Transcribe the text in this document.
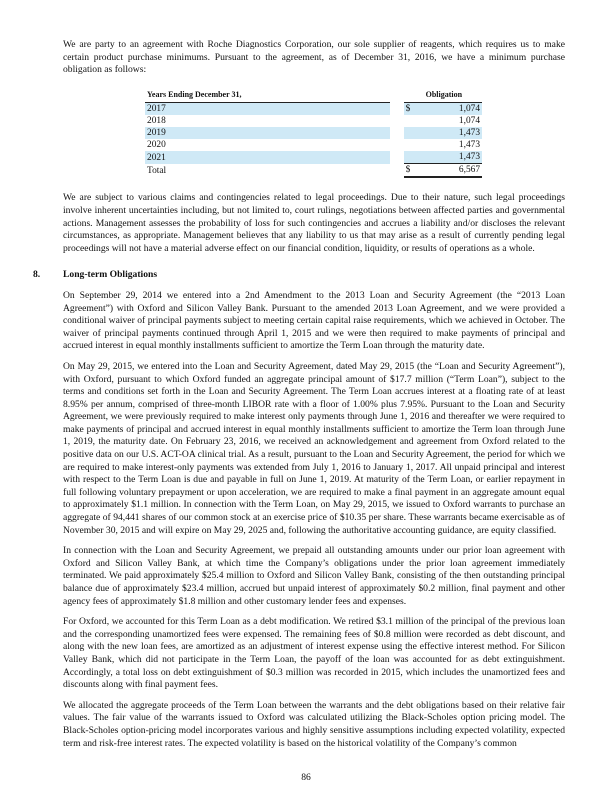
We are party to an agreement with Roche Diagnostics Corporation, our sole supplier of reagents, which requires us to make certain product purchase minimums. Pursuant to the agreement, as of December 31, 2016, we have a minimum purchase obligation as follows:

Years Ending December 31,		Obligation	
2017		$	1,074
2018			1,074
2019			1,473
2020			1,473
2021			1,473
Total		$	6,567

We are subject to various claims and contingencies related to legal proceedings. Due to their nature, such legal proceedings involve inherent uncertainties including, but not limited to, court rulings, negotiations between affected parties and governmental actions. Management assesses the probability of loss for such contingencies and accrues a liability and/or discloses the relevant circumstances, as appropriate. Management believes that any liability to us that may arise as a result of currently pending legal proceedings will not have a material adverse effect on our financial condition, liquidity, or results of operations as a whole.

8. Long-term Obligations

On September 29, 2014 we entered into a 2nd Amendment to the 2013 Loan and Security Agreement (the “2013 Loan Agreement”) with Oxford and Silicon Valley Bank. Pursuant to the amended 2013 Loan Agreement, and we were provided a conditional waiver of principal payments subject to meeting certain capital raise requirements, which we achieved in October. The waiver of principal payments continued through April 1, 2015 and we were then required to make payments of principal and accrued interest in equal monthly installments sufficient to amortize the Term Loan through the maturity date.

On May 29, 2015, we entered into the Loan and Security Agreement, dated May 29, 2015 (the “Loan and Security Agreement”), with Oxford, pursuant to which Oxford funded an aggregate principal amount of $17.7 million (“Term Loan”), subject to the terms and conditions set forth in the Loan and Security Agreement. The Term Loan accrues interest at a floating rate of at least 8.95% per annum, comprised of three-month LIBOR rate with a floor of 1.00% plus 7.95%. Pursuant to the Loan and Security Agreement, we were previously required to make interest only payments through June 1, 2016 and thereafter we were required to make payments of principal and accrued interest in equal monthly installments sufficient to amortize the Term loan through June 1, 2019, the maturity date. On February 23, 2016, we received an acknowledgement and agreement from Oxford related to the positive data on our U.S. ACT-OA clinical trial. As a result, pursuant to the Loan and Security Agreement, the period for which we are required to make interest-only payments was extended from July 1, 2016 to January 1, 2017. All unpaid principal and interest with respect to the Term Loan is due and payable in full on June 1, 2019. At maturity of the Term Loan, or earlier repayment in full following voluntary prepayment or upon acceleration, we are required to make a final payment in an aggregate amount equal to approximately $1.1 million. In connection with the Term Loan, on May 29, 2015, we issued to Oxford warrants to purchase an aggregate of 94,441 shares of our common stock at an exercise price of $10.35 per share. These warrants became exercisable as of November 30, 2015 and will expire on May 29, 2025 and, following the authoritative accounting guidance, are equity classified.

In connection with the Loan and Security Agreement, we prepaid all outstanding amounts under our prior loan agreement with Oxford and Silicon Valley Bank, at which time the Company’s obligations under the prior loan agreement immediately terminated. We paid approximately $25.4 million to Oxford and Silicon Valley Bank, consisting of the then outstanding principal balance due of approximately $23.4 million, accrued but unpaid interest of approximately $0.2 million, final payment and other agency fees of approximately $1.8 million and other customary lender fees and expenses.

For Oxford, we accounted for this Term Loan as a debt modification. We retired $3.1 million of the principal of the previous loan and the corresponding unamortized fees were expensed. The remaining fees of $0.8 million were recorded as debt discount, and along with the new loan fees, are amortized as an adjustment of interest expense using the effective interest method. For Silicon Valley Bank, which did not participate in the Term Loan, the payoff of the loan was accounted for as debt extinguishment. Accordingly, a total loss on debt extinguishment of $0.3 million was recorded in 2015, which includes the unamortized fees and discounts along with final payment fees.

We allocated the aggregate proceeds of the Term Loan between the warrants and the debt obligations based on their relative fair values. The fair value of the warrants issued to Oxford was calculated utilizing the Black-Scholes option pricing model. The Black-Scholes option-pricing model incorporates various and highly sensitive assumptions including expected volatility, expected term and risk-free interest rates. The expected volatility is based on the historical volatility of the Company’s common

86
